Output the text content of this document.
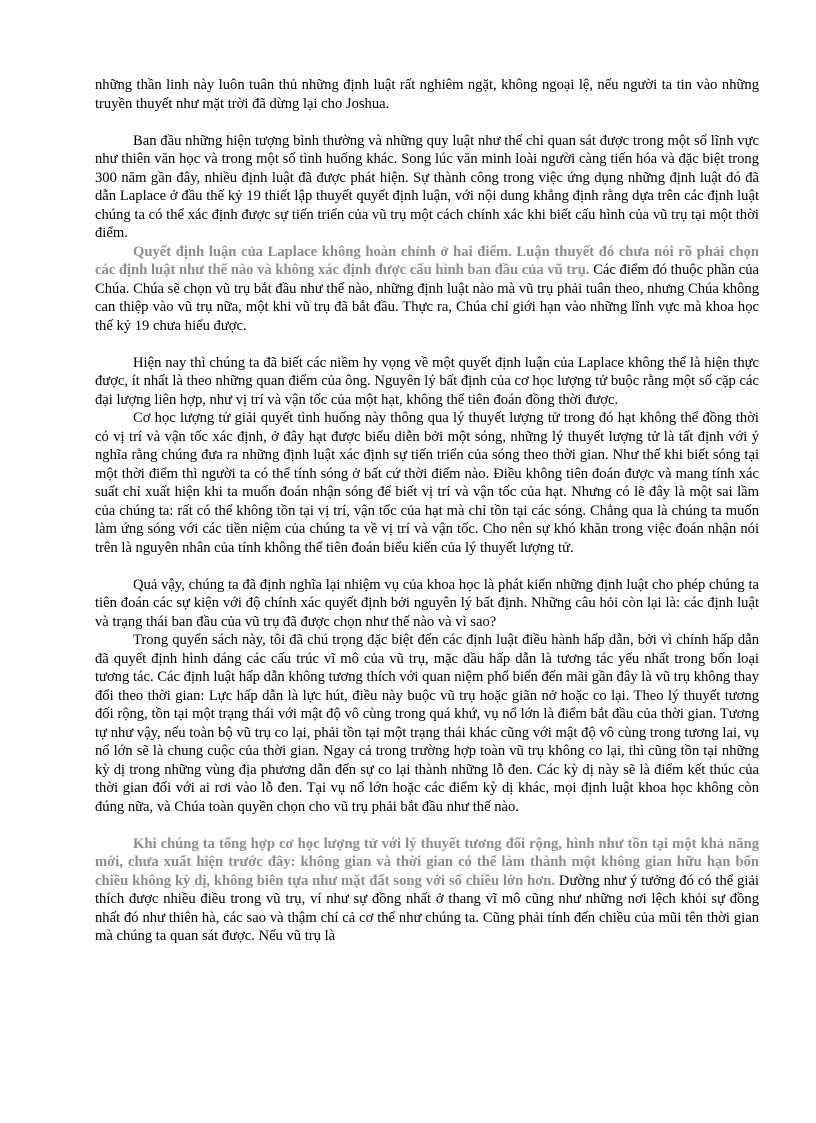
những thần linh này luôn tuân thủ những định luật rất nghiêm ngặt, không ngoại lệ, nếu người ta tin vào những truyền thuyết như mặt trời đã dừng lại cho Joshua.

Ban đầu những hiện tượng bình thường và những quy luật như thế chỉ quan sát được trong một số lĩnh vực như thiên văn học và trong một số tình huống khác. Song lúc văn minh loài người càng tiến hóa và đặc biệt trong 300 năm gần đây, nhiều định luật đã được phát hiện. Sự thành công trong việc ứng dụng những định luật đó đã dẫn Laplace ở đầu thế kỷ 19 thiết lập thuyết quyết định luận, với nội dung khẳng định rằng dựa trên các định luật chúng ta có thể xác định được sự tiến triển của vũ trụ một cách chính xác khi biết cấu hình của vũ trụ tại một thời điểm.

Quyết định luận của Laplace không hoàn chỉnh ở hai điểm. Luận thuyết đó chưa nói rõ phải chọn các định luật như thế nào và không xác định được cấu hình ban đầu của vũ trụ. Các điểm đó thuộc phần của Chúa. Chúa sẽ chọn vũ trụ bắt đầu như thế nào, những định luật nào mà vũ trụ phải tuân theo, nhưng Chúa không can thiệp vào vũ trụ nữa, một khi vũ trụ đã bắt đầu. Thực ra, Chúa chỉ giới hạn vào những lĩnh vực mà khoa học thế kỷ 19 chưa hiểu được.

Hiện nay thì chúng ta đã biết các niềm hy vọng về một quyết định luận của Laplace không thể là hiện thực được, ít nhất là theo những quan điểm của ông. Nguyên lý bất định của cơ học lượng tử buộc rằng một số cặp các đại lượng liên hợp, như vị trí và vận tốc của một hạt, không thể tiên đoán đồng thời được.

Cơ học lượng tử giải quyết tình huống này thông qua lý thuyết lượng tử trong đó hạt không thể đồng thời có vị trí và vận tốc xác định, ở đây hạt được biểu diễn bởi một sóng, những lý thuyết lượng tử là tất định với ý nghĩa rằng chúng đưa ra những định luật xác định sự tiến triển của sóng theo thời gian. Như thế khi biết sóng tại một thời điểm thì người ta có thể tính sóng ở bất cứ thời điểm nào. Điều không tiên đoán được và mang tính xác suất chỉ xuất hiện khi ta muốn đoán nhận sóng để biết vị trí và vận tốc của hạt. Nhưng có lẽ đây là một sai lầm của chúng ta: rất có thể không tồn tại vị trí, vận tốc của hạt mà chỉ tồn tại các sóng. Chẳng qua là chúng ta muốn làm ứng sóng với các tiền niệm của chúng ta về vị trí và vận tốc. Cho nên sự khó khăn trong việc đoán nhận nói trên là nguyên nhân của tính không thể tiên đoán biểu kiến của lý thuyết lượng tử.

Quả vậy, chúng ta đã định nghĩa lại nhiệm vụ của khoa học là phát kiến những định luật cho phép chúng ta tiên đoán các sự kiện với độ chính xác quyết định bởi nguyên lý bất định. Những câu hỏi còn lại là: các định luật và trạng thái ban đầu của vũ trụ đã được chọn như thế nào và vì sao?

Trong quyển sách này, tôi đã chú trọng đặc biệt đến các định luật điều hành hấp dẫn, bởi vì chính hấp dẫn đã quyết định hình dáng các cấu trúc vĩ mô của vũ trụ, mặc dầu hấp dẫn là tương tác yếu nhất trong bốn loại tương tác. Các định luật hấp dẫn không tương thích với quan niệm phổ biến đến mãi gần đây là vũ trụ không thay đổi theo thời gian: Lực hấp dẫn là lực hút, điều này buộc vũ trụ hoặc giãn nở hoặc co lại. Theo lý thuyết tương đối rộng, tồn tại một trạng thái với mật độ vô cùng trong quá khứ, vụ nổ lớn là điểm bắt đầu của thời gian. Tương tự như vậy, nếu toàn bộ vũ trụ co lại, phải tồn tại một trạng thái khác cũng với mật độ vô cùng trong tương lai, vụ nổ lớn sẽ là chung cuộc của thời gian. Ngay cả trong trường hợp toàn vũ trụ không co lại, thì cũng tồn tại những kỳ dị trong những vùng địa phương dẫn đến sự co lại thành những lỗ đen. Các kỳ dị này sẽ là điểm kết thúc của thời gian đối với ai rơi vào lỗ đen. Tại vụ nổ lớn hoặc các điểm kỳ dị khác, mọi định luật khoa học không còn đúng nữa, và Chúa toàn quyền chọn cho vũ trụ phải bắt đầu như thế nào.

Khi chúng ta tổng hợp cơ học lượng tử với lý thuyết tương đối rộng, hình như tồn tại một khả năng mới, chưa xuất hiện trước đây: không gian và thời gian có thể làm thành một không gian hữu hạn bốn chiều không kỳ dị, không biên tựa như mặt đất song với số chiều lớn hơn. Dường như ý tưởng đó có thể giải thích được nhiều điều trong vũ trụ, ví như sự đồng nhất ở thang vĩ mô cũng như những nơi lệch khỏi sự đồng nhất đó như thiên hà, các sao và thậm chí cả cơ thể như chúng ta. Cũng phải tính đến chiều của mũi tên thời gian mà chúng ta quan sát được. Nếu vũ trụ là
